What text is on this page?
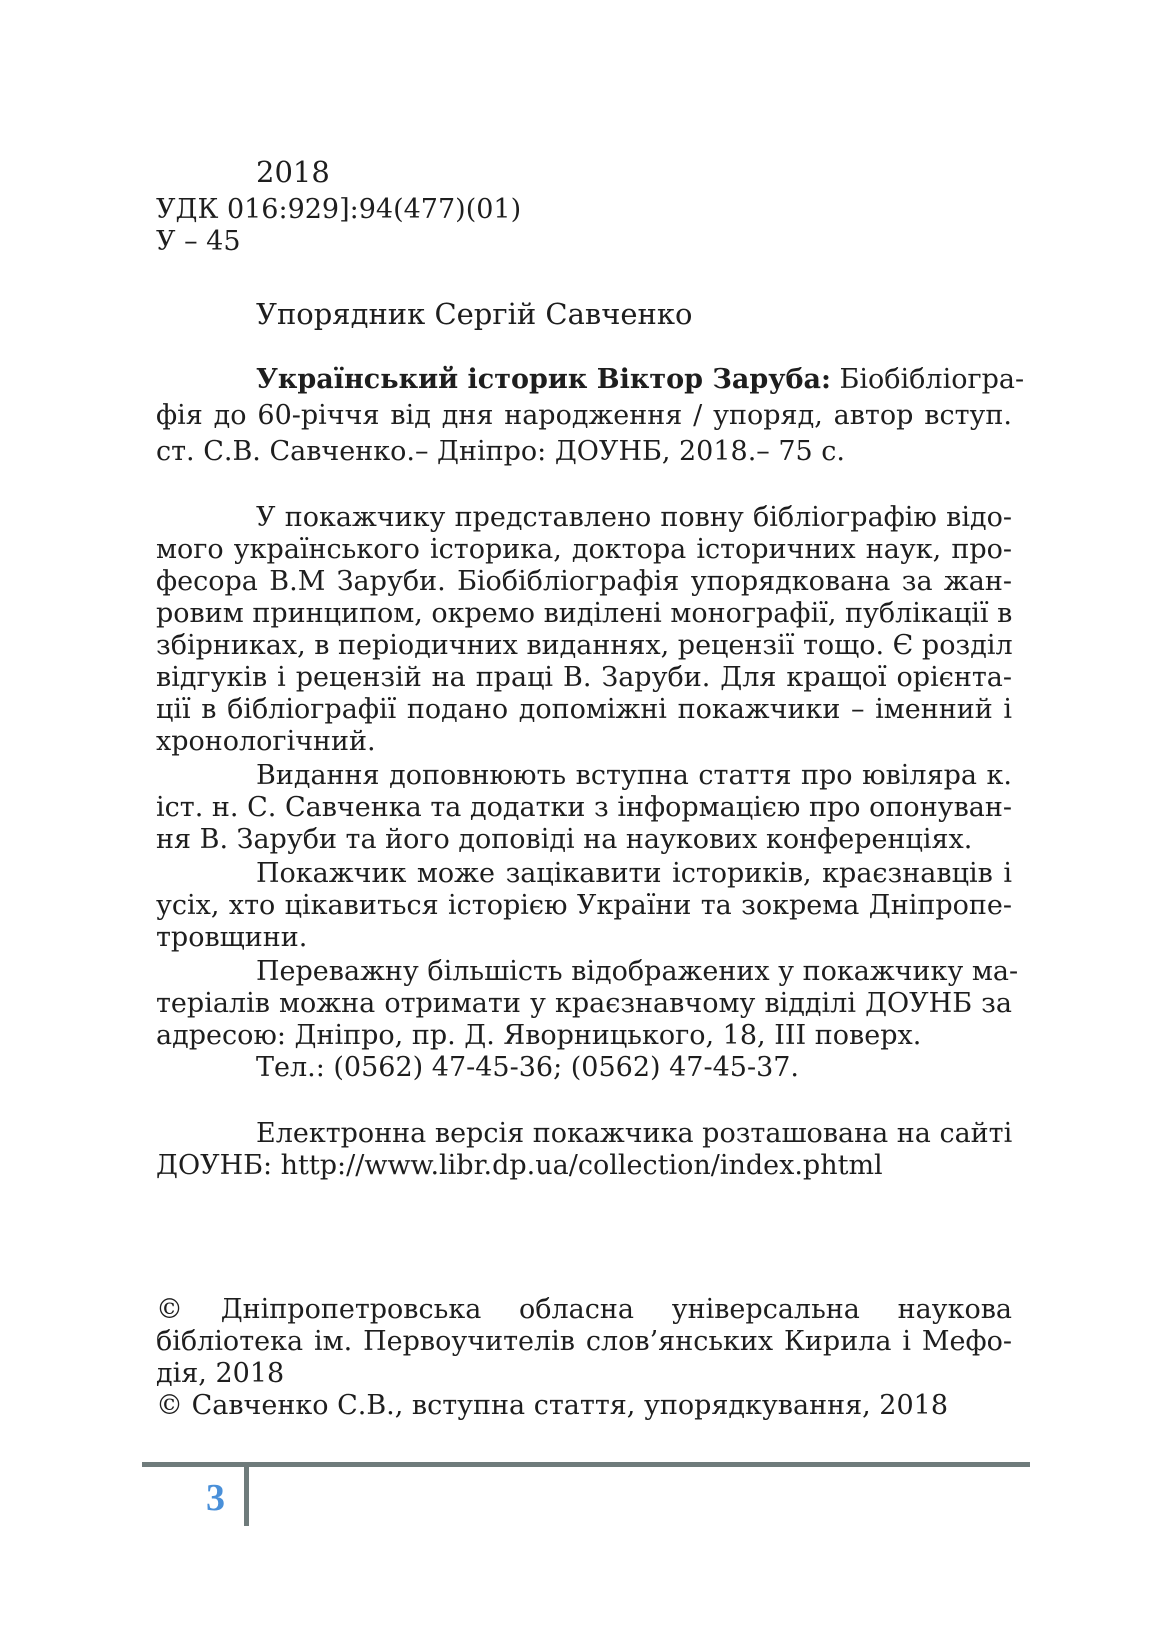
2018
УДК 016:929]:94(477)(01)
У – 45
Упорядник Сергій Савченко
Український історик Віктор Заруба: Біобібліогра-
фія до 60-річчя від дня народження / упоряд, автор вступ.
ст. С.В. Савченко.– Дніпро: ДОУНБ, 2018.– 75 с.
У покажчику представлено повну бібліографію відо-
мого українського історика, доктора історичних наук, про-
фесора В.М Заруби. Біобібліографія упорядкована за жан-
ровим принципом, окремо виділені монографії, публікації в
збірниках, в періодичних виданнях, рецензії тощо. Є розділ
відгуків і рецензій на праці В. Заруби. Для кращої орієнта-
ції в бібліографії подано допоміжні покажчики – іменний і
хронологічний.
Видання доповнюють вступна стаття про ювіляра к.
іст. н. С. Савченка та додатки з інформацією про опонуван-
ня В. Заруби та його доповіді на наукових конференціях.
Покажчик може зацікавити істориків, краєзнавців і
усіх, хто цікавиться історією України та зокрема Дніпропе-
тровщини.
Переважну більшість відображених у покажчику ма-
теріалів можна отримати у краєзнавчому відділі ДОУНБ за
адресою: Дніпро, пр. Д. Яворницького, 18, ІІІ поверх.
Тел.: (0562) 47-45-36; (0562) 47-45-37.
Електронна версія покажчика розташована на сайті
ДОУНБ: http://www.libr.dp.ua/collection/index.phtml
© Дніпропетровська обласна універсальна наукова
бібліотека ім. Первоучителів слов’янських Кирила і Мефо-
дія, 2018
© Савченко С.В., вступна стаття, упорядкування, 2018
3
